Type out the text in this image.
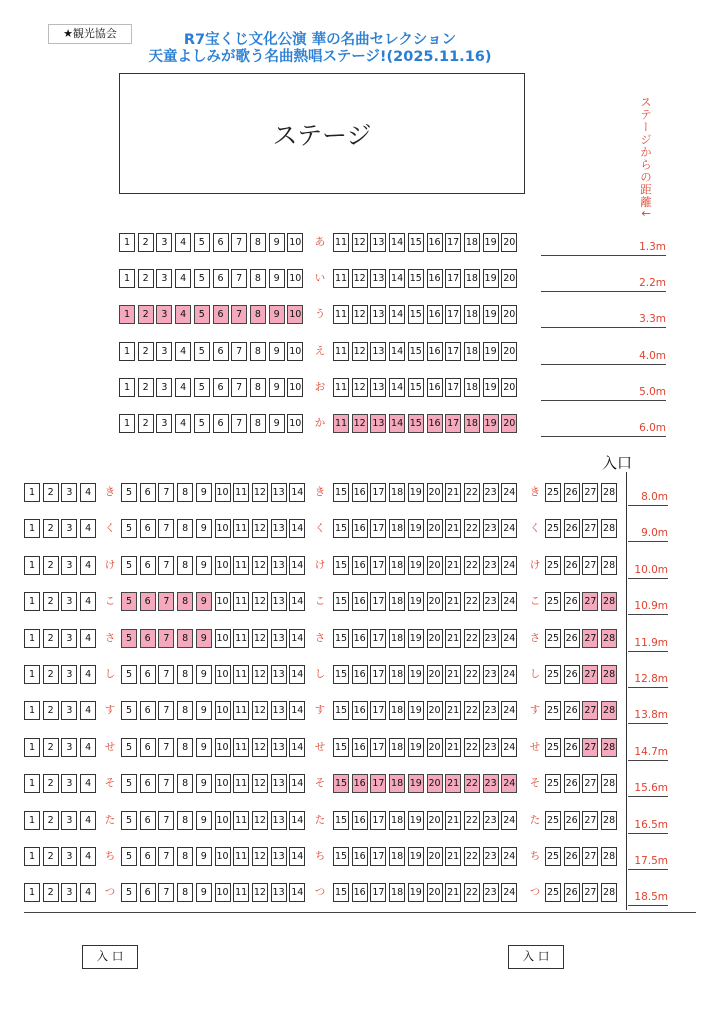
★観光協会	R7宝くじ文化公演 華の名曲セレクション
天童よしみが歌う名曲熱唱ステージ!(2025.11.16)
ステージ	ステージからの距離↓
1	2	3	4	5	6	7	8	9	10 あ 11 12 13 14 15 16 17 18 19 20	1.3m
1	2	3	4	5	6	7	8	9	10 い 11 12 13 14 15 16 17 18 19 20	2.2m
1	2	3	4	5	6	7	8	9	10 う 11 12 13 14 15 16 17 18 19 20	3.3m
1	2	3	4	5	6	7	8	9	10 え 11 12 13 14 15 16 17 18 19 20	4.0m
1	2	3	4	5	6	7	8	9	10 お 11 12 13 14 15 16 17 18 19 20	5.0m
1	2	3	4	5	6	7	8	9	10 か 11 12 13 14 15 16 17 18 19 20	6.0m
1	2	3	4	き	5	6	7	8	9	10 11 12 13 14 き 15 16 17 18 19 20 21 22 23 24 き 25 26 27 28	8.0m
1	2	3	4	く	5	6	7	8	9	10 11 12 13 14 く 15 16 17 18 19 20 21 22 23 24 く 25 26 27 28	9.0m
1	2	3	4	け	5	6	7	8	9	10 11 12 13 14 け 15 16 17 18 19 20 21 22 23 24 け 25 26 27 28	10.0m
1	2	3	4	こ	5	6	7	8	9	10 11 12 13 14 こ 15 16 17 18 19 20 21 22 23 24 こ 25 26 27 28	10.9m
1	2	3	4	さ	5	6	7	8	9	10 11 12 13 14 さ 15 16 17 18 19 20 21 22 23 24 さ 25 26 27 28	11.9m
1	2	3	4	し	5	6	7	8	9	10 11 12 13 14 し 15 16 17 18 19 20 21 22 23 24 し 25 26 27 28	12.8m
1	2	3	4	す	5	6	7	8	9	10 11 12 13 14 す 15 16 17 18 19 20 21 22 23 24 す 25 26 27 28	13.8m
1	2	3	4	せ	5	6	7	8	9	10 11 12 13 14 せ 15 16 17 18 19 20 21 22 23 24 せ 25 26 27 28	14.7m
1	2	3	4	そ	5	6	7	8	9	10 11 12 13 14 そ 15 16 17 18 19 20 21 22 23 24 そ 25 26 27 28	15.6m
1	2	3	4	た	5	6	7	8	9	10 11 12 13 14 た 15 16 17 18 19 20 21 22 23 24 た 25 26 27 28	16.5m
1	2	3	4	ち	5	6	7	8	9	10 11 12 13 14 ち 15 16 17 18 19 20 21 22 23 24 ち 25 26 27 28	17.5m
1	2	3	4	つ	5	6	7	8	9	10 11 12 13 14 つ 15 16 17 18 19 20 21 22 23 24 つ 25 26 27 28	18.5m
入口
入 口	入 口
